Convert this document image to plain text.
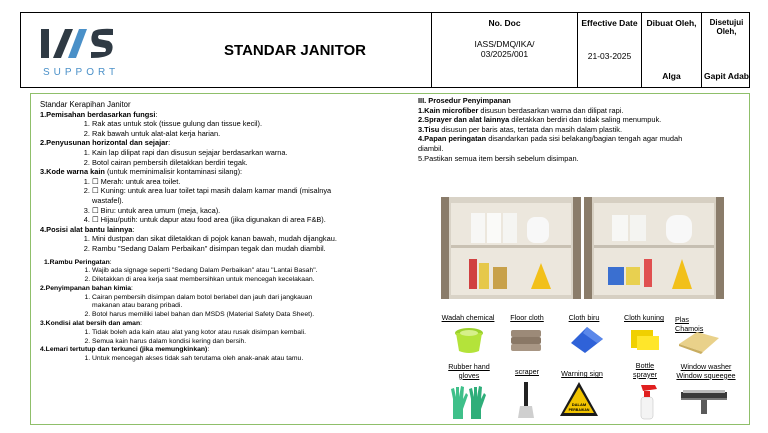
SUPPORT
STANDAR JANITOR
No. Doc
IASS/DMQ/IKA/
03/2025/001
Effective Date
21-03-2025
Dibuat Oleh,
Alga
Disetujui Oleh,
Gapit Adab
Standar Kerapihan Janitor
1.Pemisahan berdasarkan fungsi:
1. Rak atas untuk stok (tissue gulung dan tissue kecil).
2. Rak bawah untuk alat-alat kerja harian.
2.Penyusunan horizontal dan sejajar:
1. Kain lap dilipat rapi dan disusun sejajar berdasarkan warna.
2. Botol cairan pembersih diletakkan berdiri tegak.
3.Kode warna kain (untuk meminimalisir kontaminasi silang):
1. ☐ Merah: untuk area toilet.
2. ☐ Kuning: untuk area luar toilet tapi masih dalam kamar mandi (misalnya
wastafel).
3. ☐ Biru: untuk area umum (meja, kaca).
4. ☐ Hijau/putih: untuk dapur atau food area (jika digunakan di area F&B).
4.Posisi alat bantu lainnya:
1. Mini dustpan dan sikat diletakkan di pojok kanan bawah, mudah dijangkau.
2. Rambu "Sedang Dalam Perbaikan" disimpan tegak dan mudah diambil.
1.Rambu Peringatan:
1. Wajib ada signage seperti "Sedang Dalam Perbaikan" atau "Lantai Basah".
2. Diletakkan di area kerja saat membersihkan untuk mencegah kecelakaan.
2.Penyimpanan bahan kimia:
1. Cairan pembersih disimpan dalam botol berlabel dan jauh dari jangkauan
makanan atau barang pribadi.
2. Botol harus memiliki label bahan dan MSDS (Material Safety Data Sheet).
3.Kondisi alat bersih dan aman:
1. Tidak boleh ada kain atau alat yang kotor atau rusak disimpan kembali.
2. Semua kain harus dalam kondisi kering dan bersih.
4.Lemari tertutup dan terkunci (jika memungkinkan):
1. Untuk mencegah akses tidak sah terutama oleh anak-anak atau tamu.
III. Prosedur Penyimpanan
1.Kain microfiber disusun berdasarkan warna dan dilipat rapi.
2.Sprayer dan alat lainnya diletakkan berdiri dan tidak saling menumpuk.
3.Tisu disusun per baris atas, tertata dan masih dalam plastik.
4.Papan peringatan disandarkan pada sisi belakang/bagian tengah agar mudah
diambil.
5.Pastikan semua item bersih sebelum disimpan.
Wadah chemical	Floor cloth	Cloth biru	Cloth kuning	Plas
Chamois
Rubber hand
gloves	scraper	Warning sign
Bottle
sprayer
Window washer
Window squeegee
DALAM
PERBAIKAN
